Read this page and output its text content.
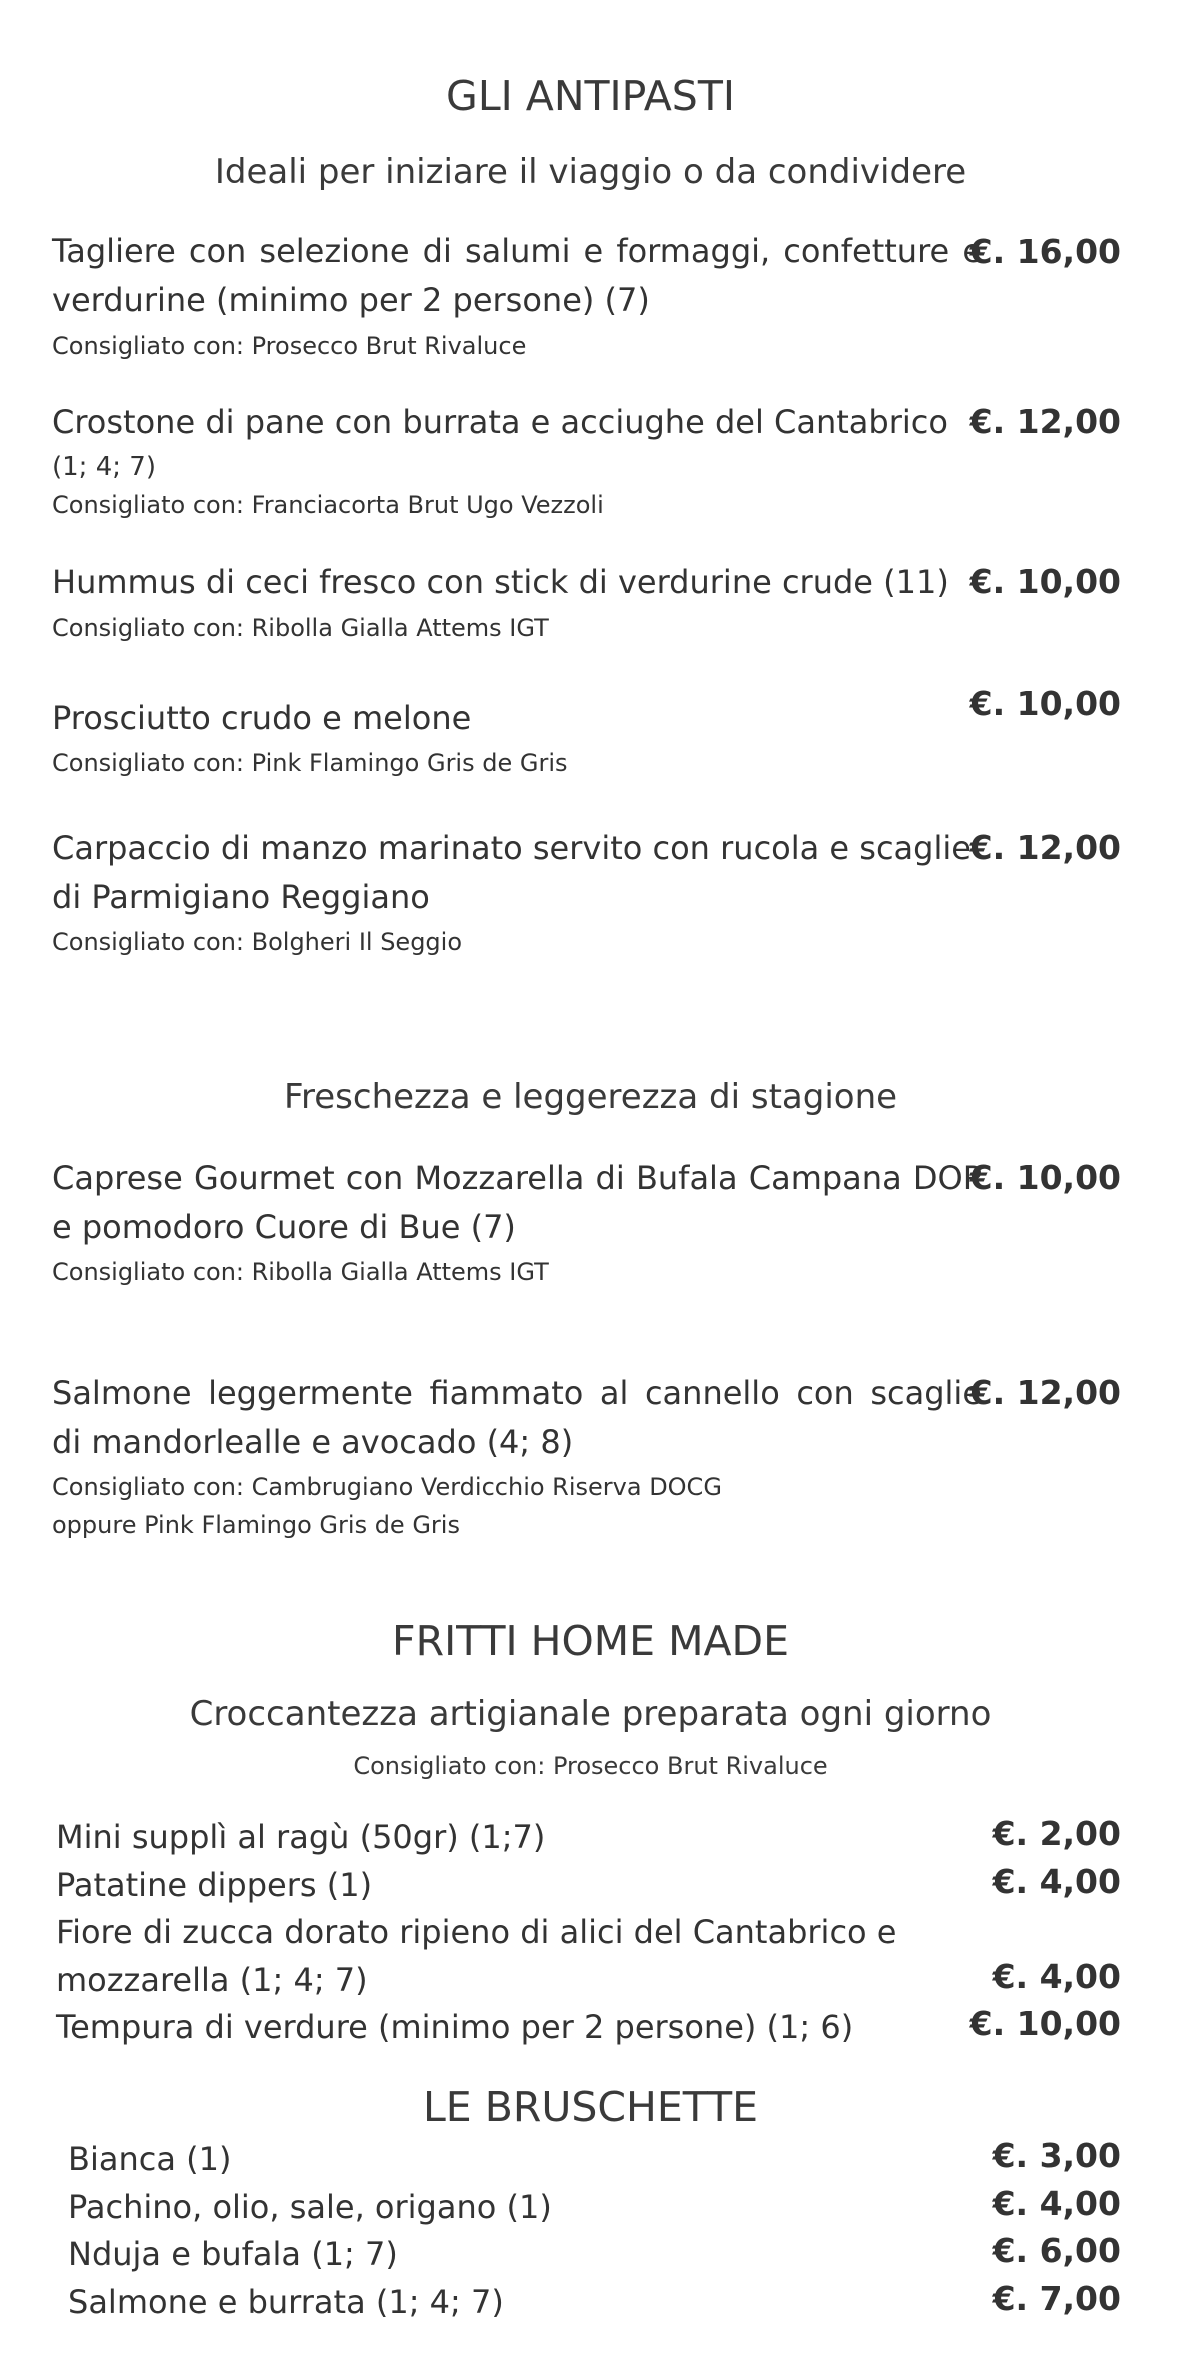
GLI ANTIPASTI
Ideali per iniziare il viaggio o da condividere
Tagliere con selezione di salumi e formaggi, confetture e verdurine (minimo per 2 persone) (7)
€. 16,00
Consigliato con: Prosecco Brut Rivaluce
Crostone di pane con burrata e acciughe del Cantabrico €. 12,00
(1; 4; 7)
Consigliato con: Franciacorta Brut Ugo Vezzoli
Hummus di ceci fresco con stick di verdurine crude (11) €. 10,00
Consigliato con: Ribolla Gialla Attems IGT
Prosciutto crudo e melone	€. 10,00
Consigliato con: Pink Flamingo Gris de Gris
Carpaccio di manzo marinato servito con rucola e scaglie di Parmigiano Reggiano
€. 12,00
Consigliato con: Bolgheri Il Seggio
Freschezza e leggerezza di stagione
Caprese Gourmet con Mozzarella di Bufala Campana DOP e pomodoro Cuore di Bue (7)
€. 10,00
Consigliato con: Ribolla Gialla Attems IGT
Salmone leggermente fiammato al cannello con scaglie di mandorlealle e avocado (4; 8)
€. 12,00
Consigliato con: Cambrugiano Verdicchio Riserva DOCG
oppure Pink Flamingo Gris de Gris
FRITTI HOME MADE
Croccantezza artigianale preparata ogni giorno
Consigliato con: Prosecco Brut Rivaluce
Mini supplì al ragù (50gr) (1;7)	€. 2,00
Patatine dippers (1)	€. 4,00
Fiore di zucca dorato ripieno di alici del Cantabrico e
mozzarella (1; 4; 7)	€. 4,00
Tempura di verdure (minimo per 2 persone) (1; 6)	€. 10,00
LE BRUSCHETTE
Bianca (1)	€. 3,00
Pachino, olio, sale, origano (1)	€. 4,00
Nduja e bufala (1; 7)	€. 6,00
Salmone e burrata (1; 4; 7)	€. 7,00
